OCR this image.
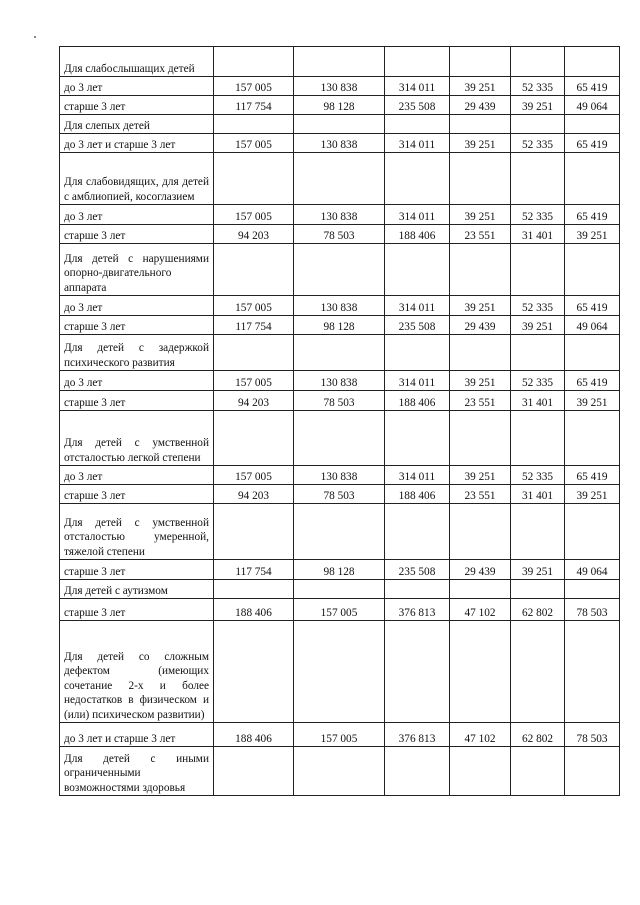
Для слабослышащих детей						
до 3 лет	157 005	130 838	314 011	39 251	52 335	65 419
старше 3 лет	117 754	98 128	235 508	29 439	39 251	49 064
Для слепых детей						
до 3 лет и старше 3 лет	157 005	130 838	314 011	39 251	52 335	65 419
Для слабовидящих, для детей с амблиопией, косоглазием						
до 3 лет	157 005	130 838	314 011	39 251	52 335	65 419
старше 3 лет	94 203	78 503	188 406	23 551	31 401	39 251
Для детей с нарушениями опорно-двигательного аппарата						
до 3 лет	157 005	130 838	314 011	39 251	52 335	65 419
старше 3 лет	117 754	98 128	235 508	29 439	39 251	49 064
Для детей с задержкой психического развития						
до 3 лет	157 005	130 838	314 011	39 251	52 335	65 419
старше 3 лет	94 203	78 503	188 406	23 551	31 401	39 251
Для детей с умственной отсталостью легкой степени						
до 3 лет	157 005	130 838	314 011	39 251	52 335	65 419
старше 3 лет	94 203	78 503	188 406	23 551	31 401	39 251
Для детей с умственной отсталостью умеренной, тяжелой степени						
старше 3 лет	117 754	98 128	235 508	29 439	39 251	49 064
Для детей с аутизмом						
старше 3 лет	188 406	157 005	376 813	47 102	62 802	78 503
Для детей со сложным дефектом (имеющих сочетание 2-х и более недостатков в физическом и (или) психическом развитии)						
до 3 лет и старше 3 лет	188 406	157 005	376 813	47 102	62 802	78 503
Для детей с иными ограниченными возможностями здоровья						
